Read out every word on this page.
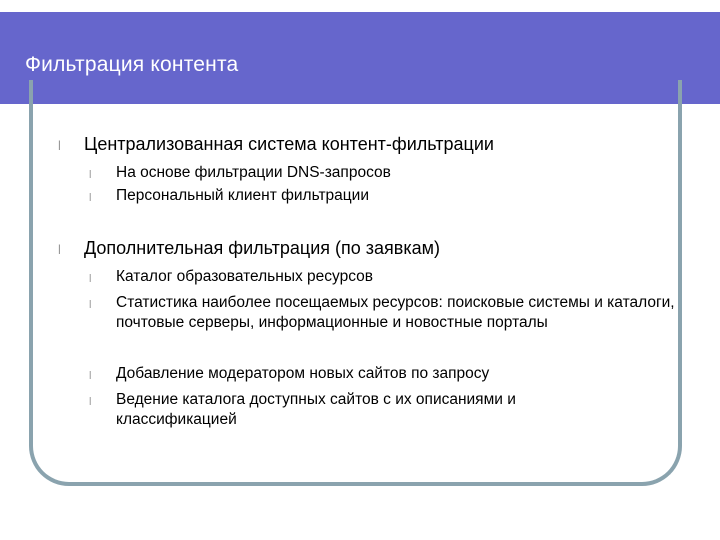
Фильтрация контента
l Централизованная система контент-фильтрации
l На основе фильтрации DNS-запросов
l Персональный клиент фильтрации
l Дополнительная фильтрация (по заявкам)
l Каталог образовательных ресурсов
l Статистика наиболее посещаемых ресурсов: поисковые системы и каталоги, почтовые серверы, информационные и новостные порталы
l Добавление модератором новых сайтов по запросу
l Ведение каталога доступных сайтов с их описаниями и классификацией
